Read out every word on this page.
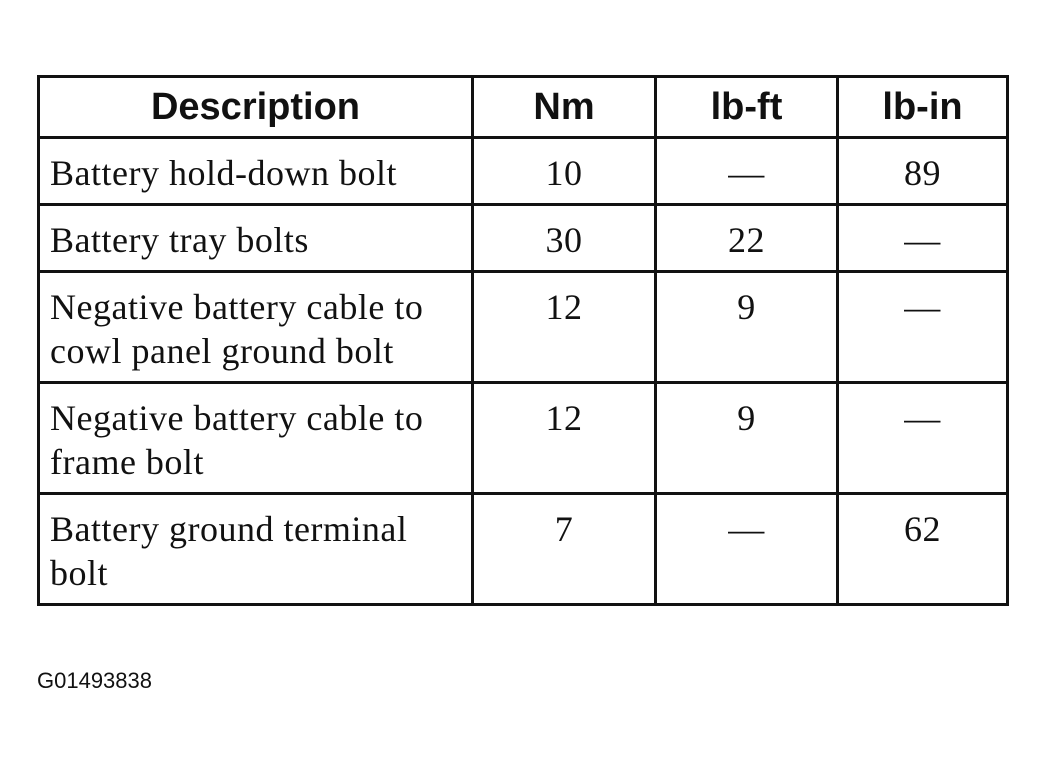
Description	Nm	lb-ft	lb-in
Battery hold-down bolt	10	—	89
Battery tray bolts	30	22	—
Negative battery cable to cowl panel ground bolt	12	9	—
Negative battery cable to frame bolt	12	9	—
Battery ground terminal bolt	7	—	62
G01493838
